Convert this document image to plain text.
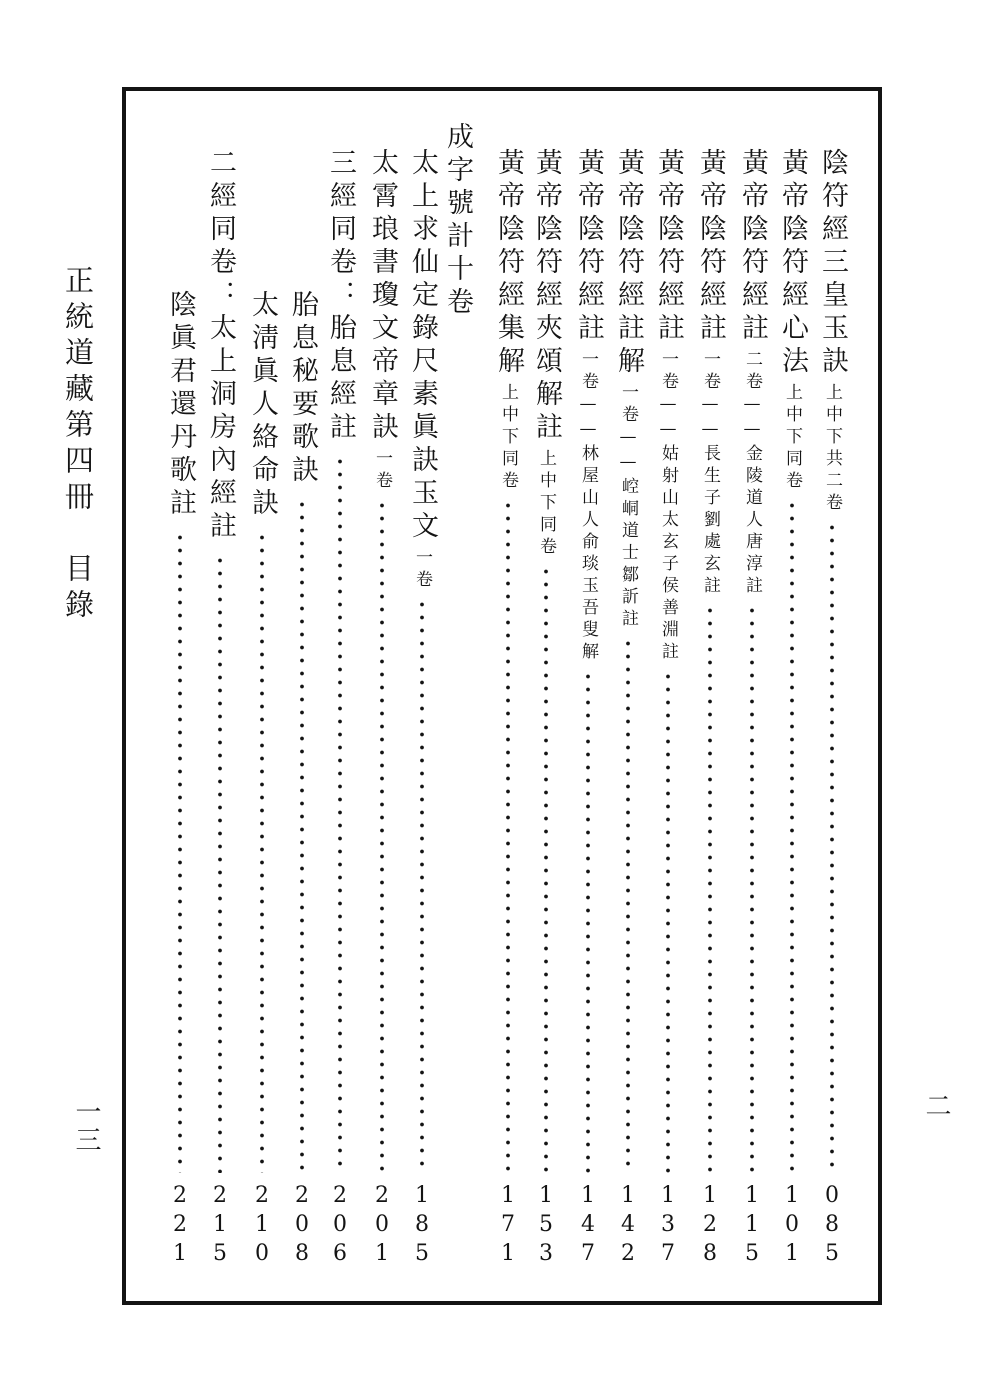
正統道藏第四冊　目錄
一三	二
成字號計十卷	陰符經三皇玉訣
上中下共二卷
0
8
5
黃帝陰符經心法
上中下同卷
1
0
1
黃帝陰符經註
二卷——金陵道人唐淳註
1
1
5
黃帝陰符經註
一卷——長生子劉處玄註
1
2
8
黃帝陰符經註
一卷——姑射山太玄子侯善淵註
1
3
7
黃帝陰符經註解
一卷——崆峒道士鄒訢註
1
4
2
黃帝陰符經註
一卷——林屋山人俞琰玉吾叟解
1
4
7
黃帝陰符經夾頌解註
上中下同卷
1
5
3
黃帝陰符經集解
上中下同卷
1
7
1
太上求仙定錄尺素眞訣玉文
一卷
1
8
5
太霄琅書瓊文帝章訣
一卷
2
0
1
三經同卷：胎息經註
2
0
6
胎息秘要歌訣
2
0
8
太淸眞人絡命訣
2
1
0
二經同卷：太上洞房內經註
2
1
5
陰眞君還丹歌註
2
2
1
